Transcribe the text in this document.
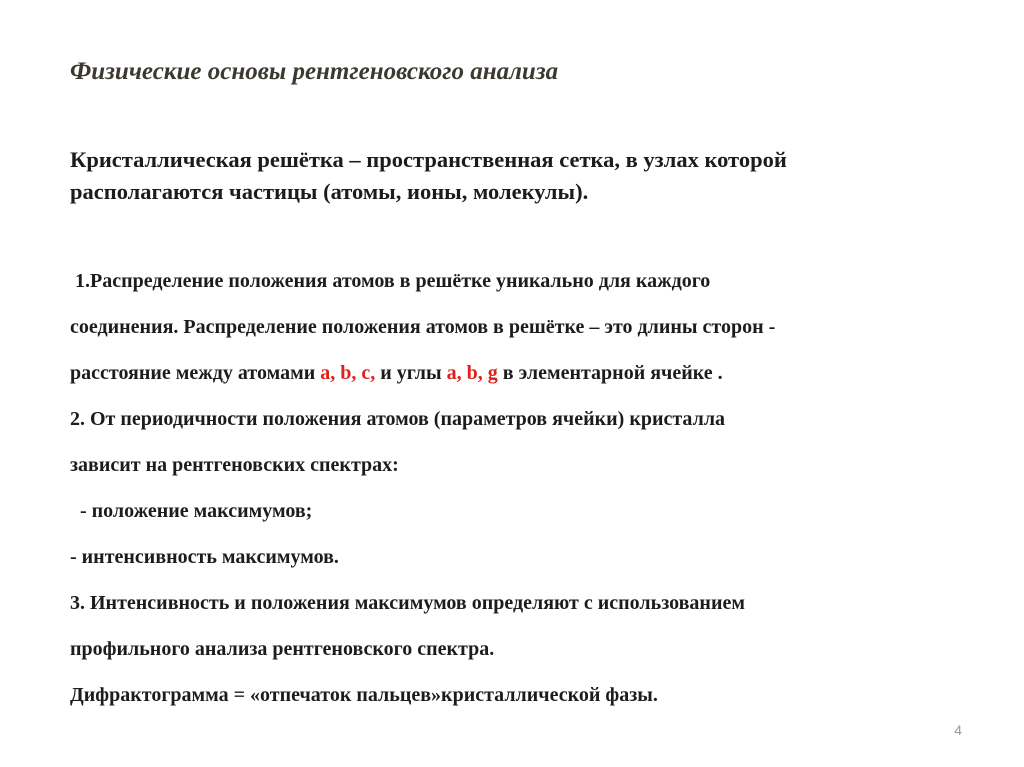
Физические основы рентгеновского анализа

Кристаллическая решётка – пространственная сетка, в узлах которой
располагаются частицы (атомы, ионы, молекулы).

1.Распределение положения атомов в решётке уникально для каждого
соединения. Распределение положения атомов в решётке – это длины сторон -
расстояние между атомами a, b, c, и углы a, b, g в элементарной ячейке .
2. От периодичности положения атомов (параметров ячейки) кристалла
зависит на рентгеновских спектрах:
- положение максимумов;
- интенсивность максимумов.
3. Интенсивность и положения максимумов определяют с использованием
профильного анализа рентгеновского спектра.
Дифрактограмма = «отпечаток пальцев»кристаллической фазы.
4
